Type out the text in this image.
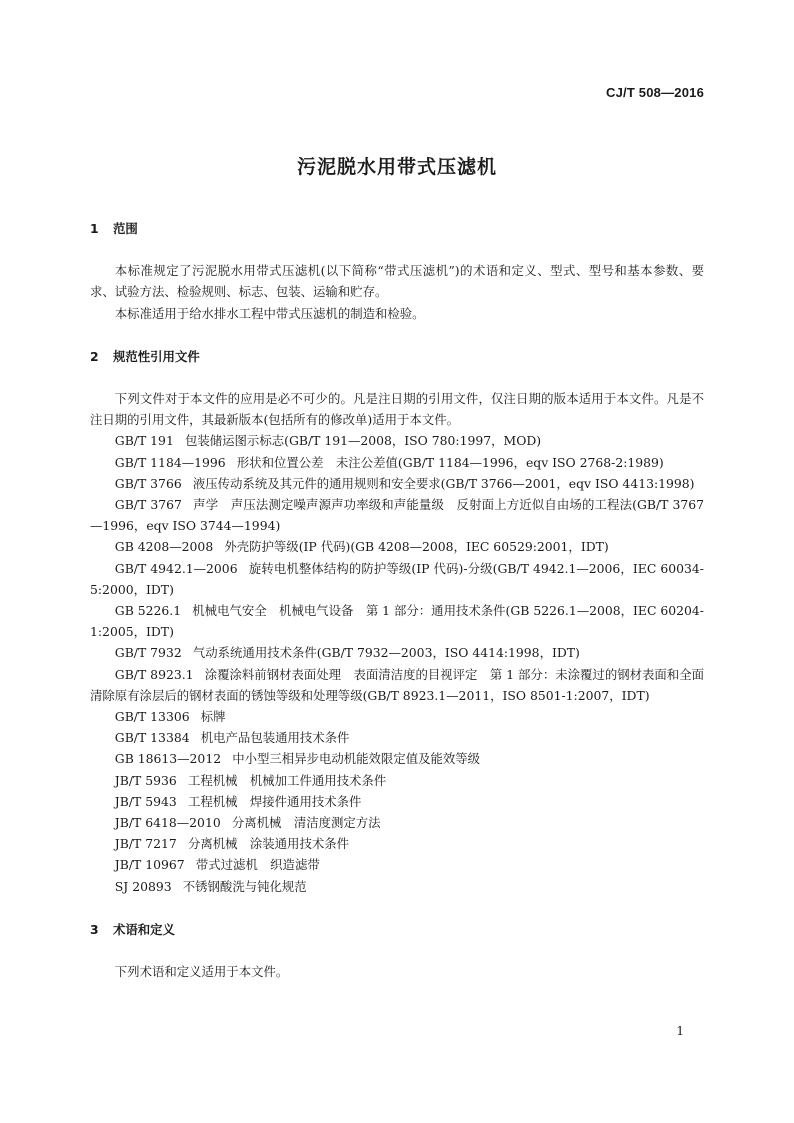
CJ/T 508—2016
污泥脱水用带式压滤机
1 范围

本标准规定了污泥脱水用带式压滤机(以下简称“带式压滤机”)的术语和定义、型式、型号和基本参数、要求、试验方法、检验规则、标志、包装、运输和贮存。

本标准适用于给水排水工程中带式压滤机的制造和检验。

2 规范性引用文件

下列文件对于本文件的应用是必不可少的。凡是注日期的引用文件，仅注日期的版本适用于本文件。凡是不注日期的引用文件，其最新版本(包括所有的修改单)适用于本文件。

GB/T 191 包装储运图示标志(GB/T 191—2008，ISO 780:1997，MOD)

GB/T 1184—1996 形状和位置公差　未注公差值(GB/T 1184—1996，eqv ISO 2768-2:1989)

GB/T 3766 液压传动系统及其元件的通用规则和安全要求(GB/T 3766—2001，eqv ISO 4413:1998)

GB/T 3767 声学　声压法测定噪声源声功率级和声能量级　反射面上方近似自由场的工程法(GB/T 3767—1996，eqv ISO 3744—1994)

GB 4208—2008 外壳防护等级(IP 代码)(GB 4208—2008，IEC 60529:2001，IDT)

GB/T 4942.1—2006 旋转电机整体结构的防护等级(IP 代码)-分级(GB/T 4942.1—2006，IEC 60034-5:2000，IDT)

GB 5226.1 机械电气安全　机械电气设备　第 1 部分：通用技术条件(GB 5226.1—2008，IEC 60204-1:2005，IDT)

GB/T 7932 气动系统通用技术条件(GB/T 7932—2003，ISO 4414:1998，IDT)

GB/T 8923.1 涂覆涂料前钢材表面处理　表面清洁度的目视评定　第 1 部分：未涂覆过的钢材表面和全面清除原有涂层后的钢材表面的锈蚀等级和处理等级(GB/T 8923.1—2011，ISO 8501-1:2007，IDT)

GB/T 13306 标牌

GB/T 13384 机电产品包装通用技术条件

GB 18613—2012 中小型三相异步电动机能效限定值及能效等级

JB/T 5936 工程机械　机械加工件通用技术条件

JB/T 5943 工程机械　焊接件通用技术条件

JB/T 6418—2010 分离机械　清洁度测定方法

JB/T 7217 分离机械　涂装通用技术条件

JB/T 10967 带式过滤机　织造滤带

SJ 20893 不锈钢酸洗与钝化规范

3 术语和定义

下列术语和定义适用于本文件。

1
